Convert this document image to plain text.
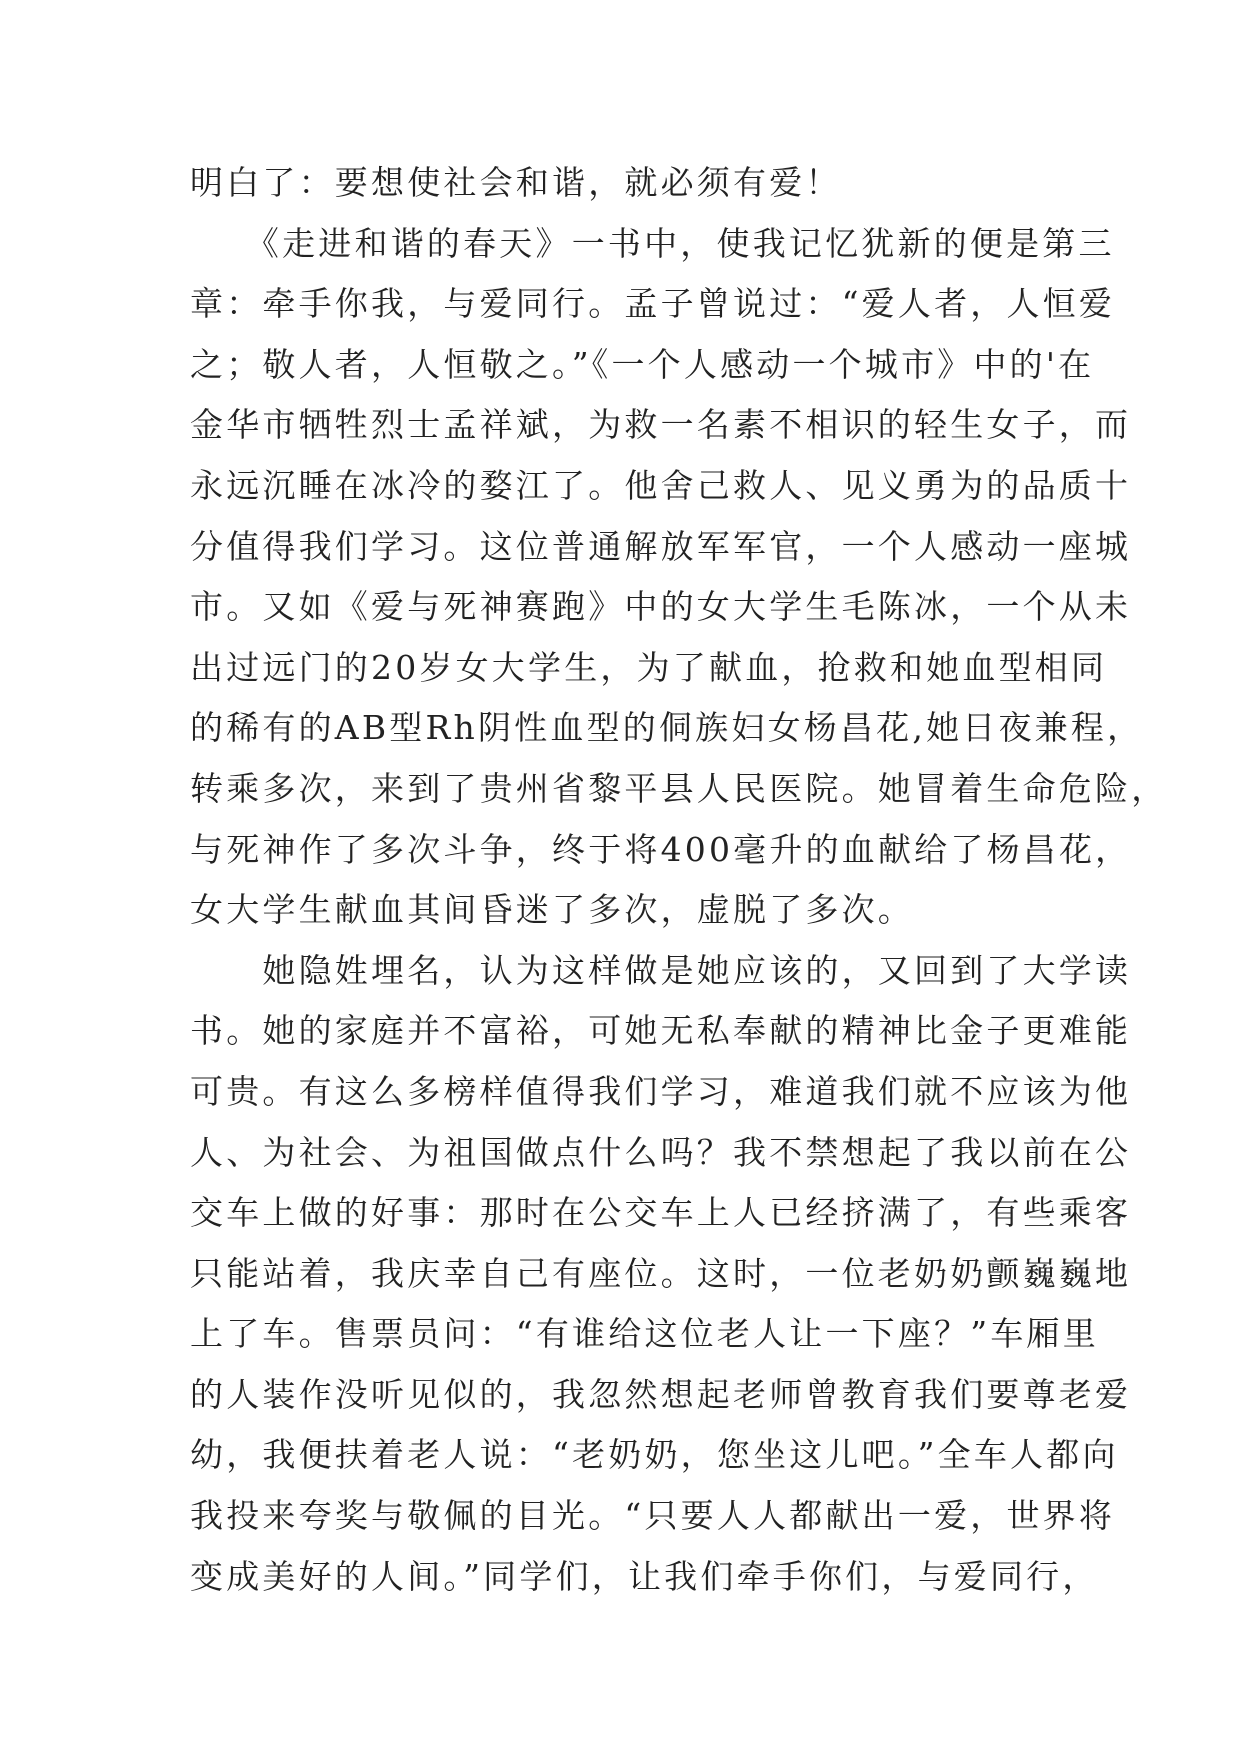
明白了：要想使社会和谐，就必须有爱！
　　《走进和谐的春天》一书中，使我记忆犹新的便是第三
章：牵手你我，与爱同行。孟子曾说过：“爱人者，人恒爱
之；敬人者，人恒敬之。”《一个人感动一个城市》中的'在
金华市牺牲烈士孟祥斌，为救一名素不相识的轻生女子，而
永远沉睡在冰冷的婺江了。他舍己救人、见义勇为的品质十
分值得我们学习。这位普通解放军军官，一个人感动一座城
市。又如《爱与死神赛跑》中的女大学生毛陈冰，一个从未
出过远门的20岁女大学生，为了献血，抢救和她血型相同
的稀有的AB型Rh阴性血型的侗族妇女杨昌花,她日夜兼程，
转乘多次，来到了贵州省黎平县人民医院。她冒着生命危险，
与死神作了多次斗争，终于将400毫升的血献给了杨昌花，
女大学生献血其间昏迷了多次，虚脱了多次。
　　她隐姓埋名，认为这样做是她应该的，又回到了大学读
书。她的家庭并不富裕，可她无私奉献的精神比金子更难能
可贵。有这么多榜样值得我们学习，难道我们就不应该为他
人、为社会、为祖国做点什么吗？我不禁想起了我以前在公
交车上做的好事：那时在公交车上人已经挤满了，有些乘客
只能站着，我庆幸自己有座位。这时，一位老奶奶颤巍巍地
上了车。售票员问：“有谁给这位老人让一下座？”车厢里
的人装作没听见似的，我忽然想起老师曾教育我们要尊老爱
幼，我便扶着老人说：“老奶奶，您坐这儿吧。”全车人都向
我投来夸奖与敬佩的目光。“只要人人都献出一爱，世界将
变成美好的人间。”同学们，让我们牵手你们，与爱同行，
